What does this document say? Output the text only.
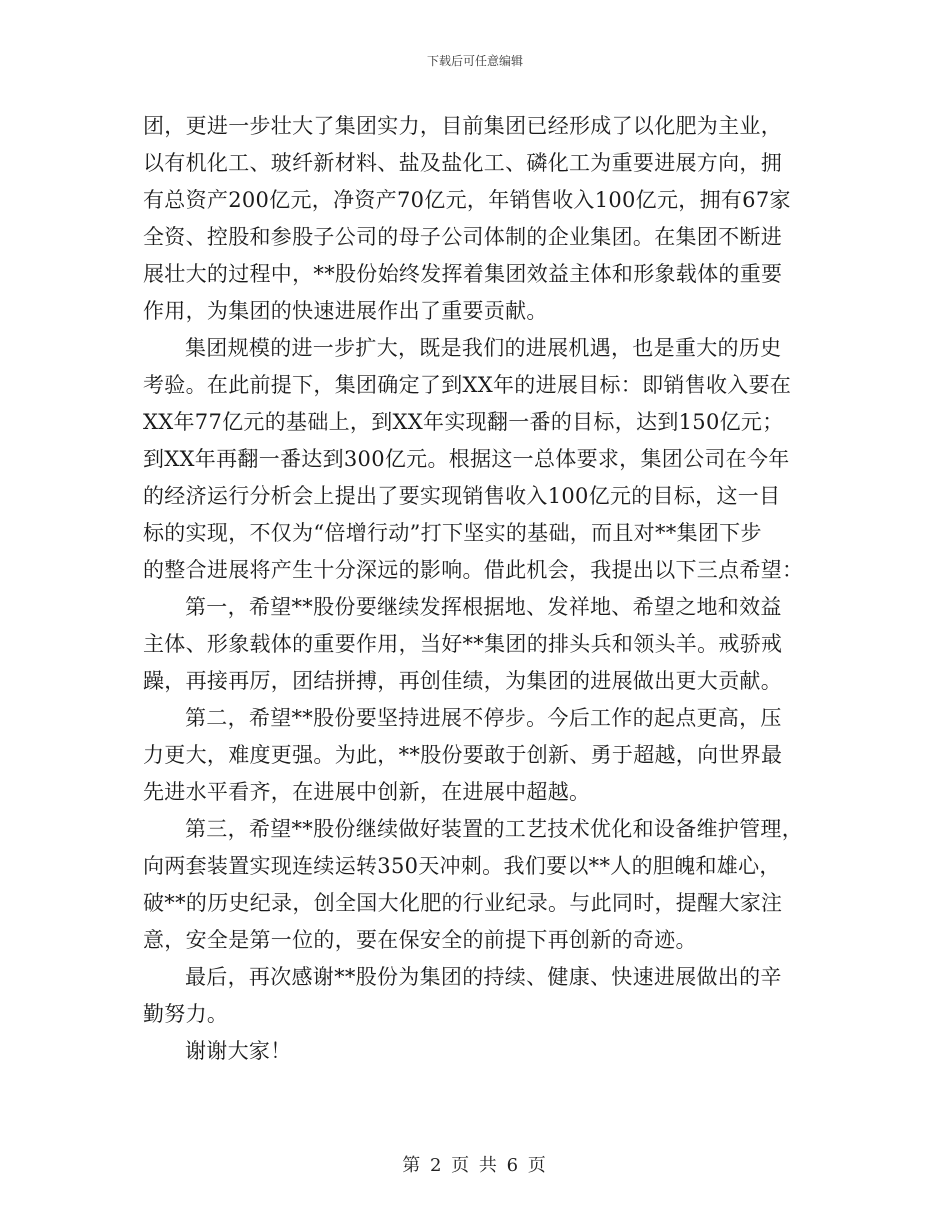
下载后可任意编辑

团，更进一步壮大了集团实力，目前集团已经形成了以化肥为主业，
以有机化工、玻纤新材料、盐及盐化工、磷化工为重要进展方向，拥
有总资产200亿元，净资产70亿元，年销售收入100亿元，拥有67家
全资、控股和参股子公司的母子公司体制的企业集团。在集团不断进
展壮大的过程中，**股份始终发挥着集团效益主体和形象载体的重要
作用，为集团的快速进展作出了重要贡献。

集团规模的进一步扩大，既是我们的进展机遇，也是重大的历史
考验。在此前提下，集团确定了到XX年的进展目标：即销售收入要在
XX年77亿元的基础上，到XX年实现翻一番的目标，达到150亿元；
到XX年再翻一番达到300亿元。根据这一总体要求，集团公司在今年
的经济运行分析会上提出了要实现销售收入100亿元的目标，这一目
标的实现，不仅为“倍增行动”打下坚实的基础，而且对**集团下步
的整合进展将产生十分深远的影响。借此机会，我提出以下三点希望：

第一，希望**股份要继续发挥根据地、发祥地、希望之地和效益
主体、形象载体的重要作用，当好**集团的排头兵和领头羊。戒骄戒
躁，再接再厉，团结拼搏，再创佳绩，为集团的进展做出更大贡献。

第二，希望**股份要坚持进展不停步。今后工作的起点更高，压
力更大，难度更强。为此，**股份要敢于创新、勇于超越，向世界最
先进水平看齐，在进展中创新，在进展中超越。

第三，希望**股份继续做好装置的工艺技术优化和设备维护管理，
向两套装置实现连续运转350天冲刺。我们要以**人的胆魄和雄心，
破**的历史纪录，创全国大化肥的行业纪录。与此同时，提醒大家注
意，安全是第一位的，要在保安全的前提下再创新的奇迹。

最后，再次感谢**股份为集团的持续、健康、快速进展做出的辛
勤努力。

谢谢大家！

第 2 页 共 6 页
